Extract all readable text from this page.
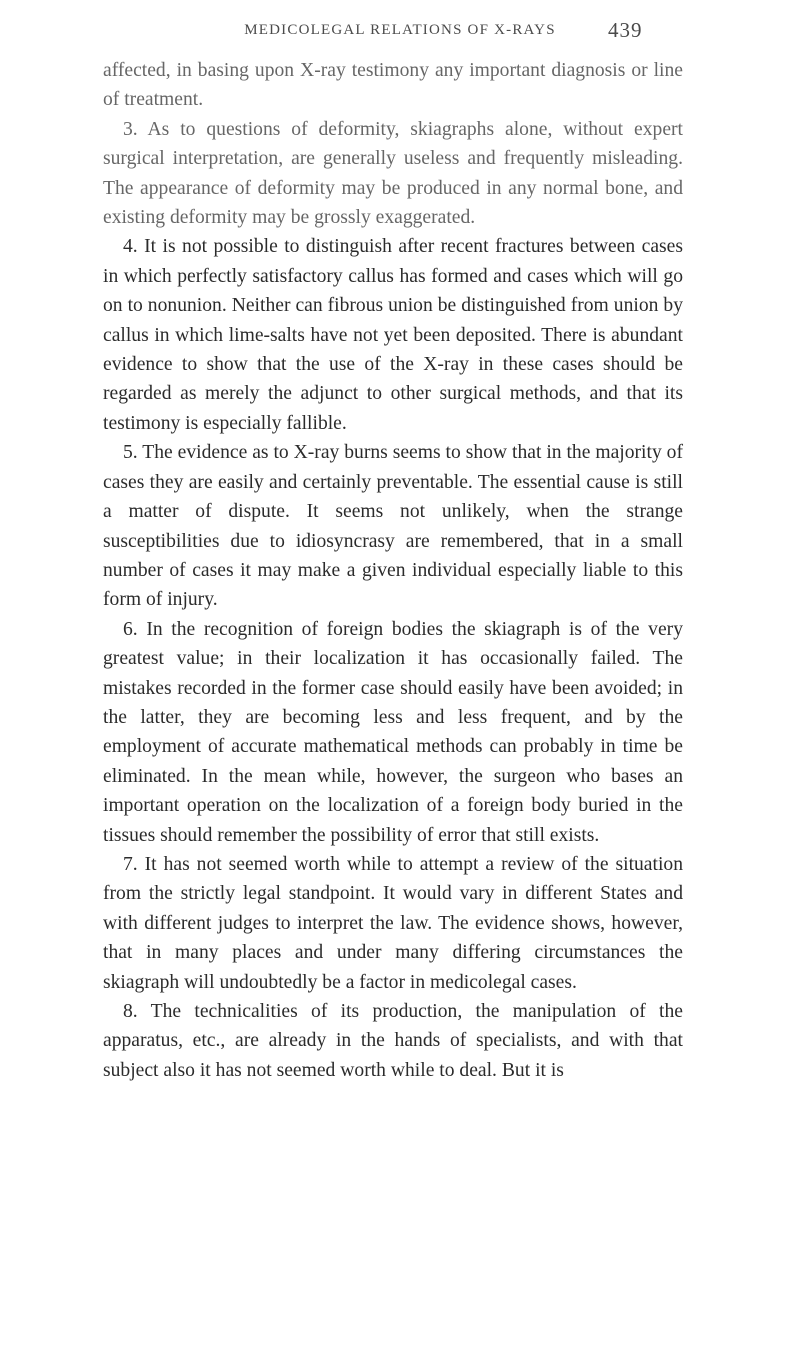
MEDICOLEGAL RELATIONS OF X-RAYS	439

affected, in basing upon X-ray testimony any important diagnosis or line of treatment.

3. As to questions of deformity, skiagraphs alone, without expert surgical interpretation, are generally useless and frequently misleading. The appearance of deformity may be produced in any normal bone, and existing deformity may be grossly exaggerated.

4. It is not possible to distinguish after recent fractures between cases in which perfectly satisfactory callus has formed and cases which will go on to nonunion. Neither can fibrous union be distinguished from union by callus in which lime-salts have not yet been deposited. There is abundant evidence to show that the use of the X-ray in these cases should be regarded as merely the adjunct to other surgical methods, and that its testimony is especially fallible.

5. The evidence as to X-ray burns seems to show that in the majority of cases they are easily and certainly preventable. The essential cause is still a matter of dispute. It seems not unlikely, when the strange susceptibilities due to idiosyncrasy are remembered, that in a small number of cases it may make a given individual especially liable to this form of injury.

6. In the recognition of foreign bodies the skiagraph is of the very greatest value; in their localization it has occasionally failed. The mistakes recorded in the former case should easily have been avoided; in the latter, they are becoming less and less frequent, and by the employment of accurate mathematical methods can probably in time be eliminated. In the mean while, however, the surgeon who bases an important operation on the localization of a foreign body buried in the tissues should remember the possibility of error that still exists.

7. It has not seemed worth while to attempt a review of the situation from the strictly legal standpoint. It would vary in different States and with different judges to interpret the law. The evidence shows, however, that in many places and under many differing circumstances the skiagraph will undoubtedly be a factor in medicolegal cases.

8. The technicalities of its production, the manipulation of the apparatus, etc., are already in the hands of specialists, and with that subject also it has not seemed worth while to deal. But it is
